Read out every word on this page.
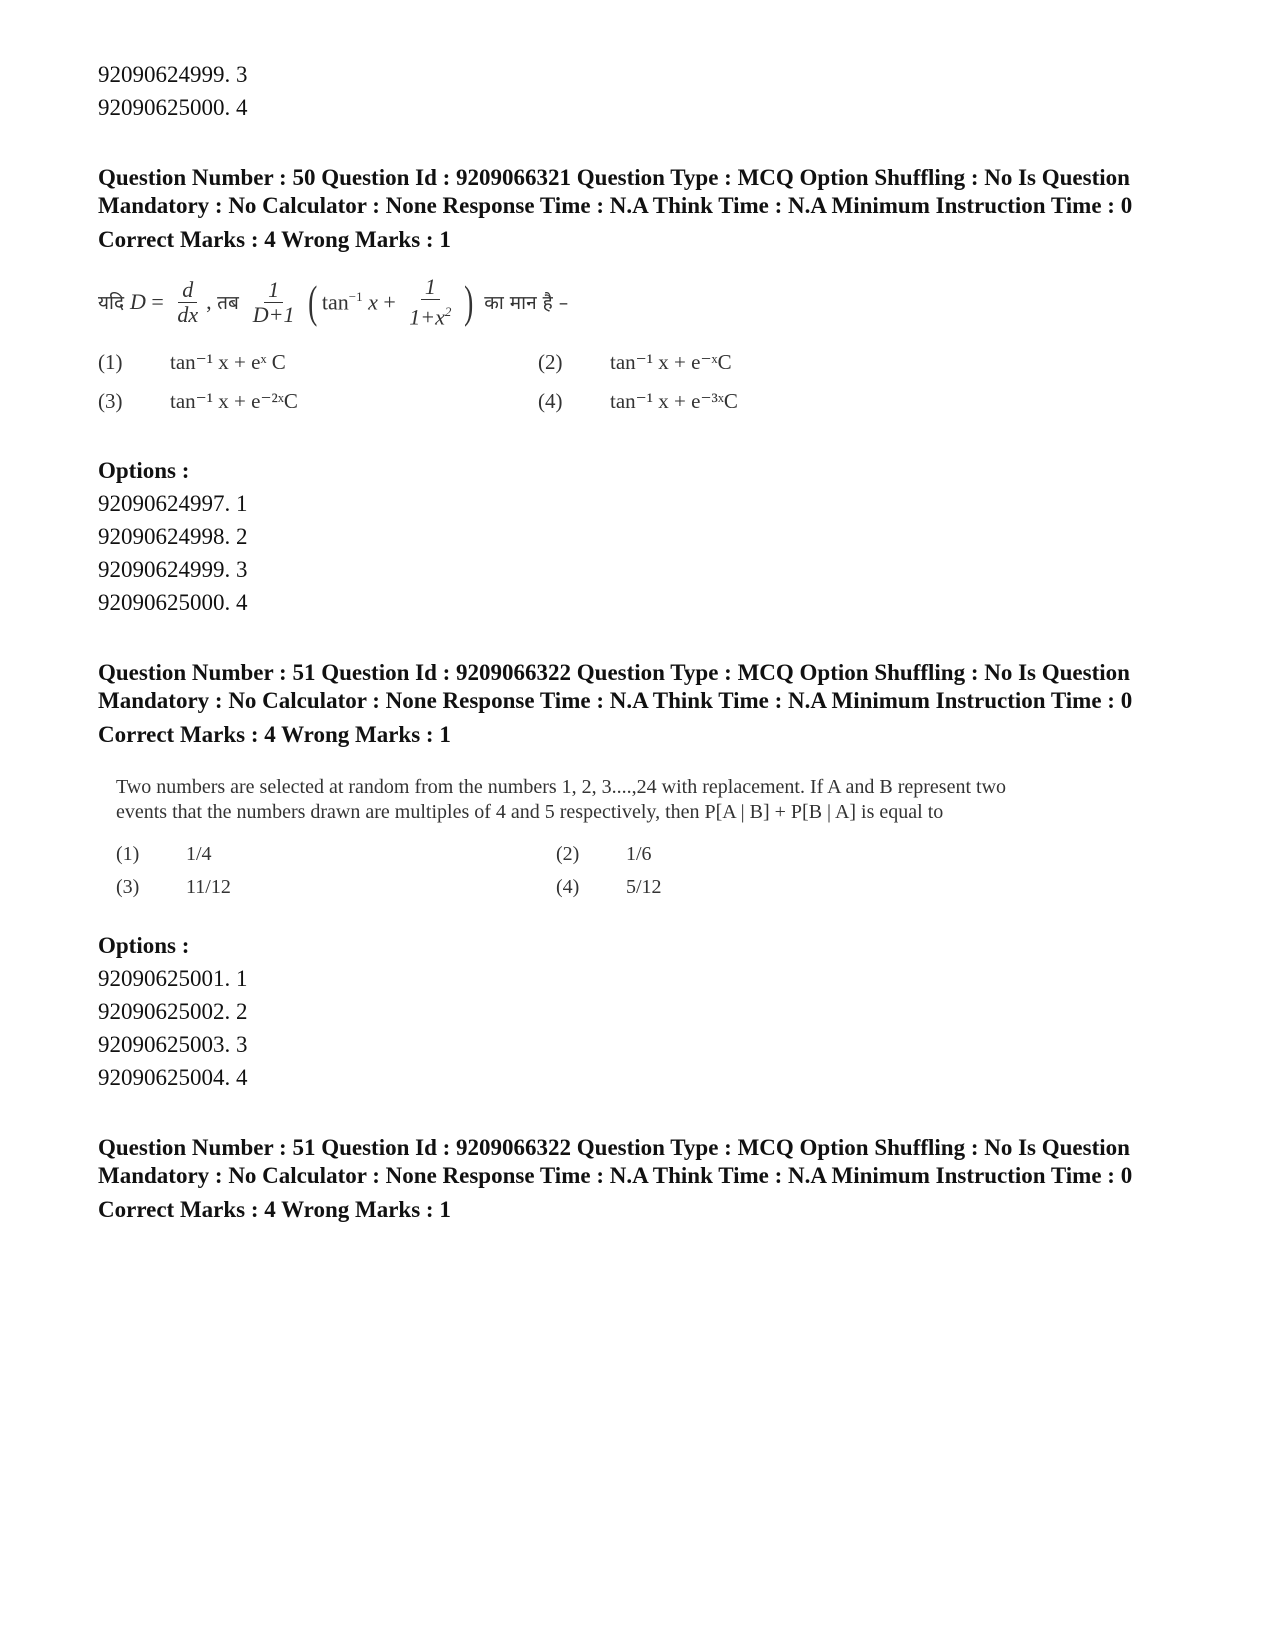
92090624999. 3

92090625000. 4

Question Number : 50 Question Id : 9209066321 Question Type : MCQ Option Shuffling : No Is Question Mandatory : No Calculator : None Response Time : N.A Think Time : N.A Minimum Instruction Time : 0

Correct Marks : 4 Wrong Marks : 1

यदि $D = \frac{d}{dx}$ , तब $\frac{1}{D+1}$ ( $\tan^{-1} x + \frac{1}{1+x^2}$ )
का मान है –
(1)	tan⁻¹ x + eˣ C	(2)	tan⁻¹ x + e⁻ˣC
(3)	tan⁻¹ x + e⁻²ˣC	(4)	tan⁻¹ x + e⁻³ˣC

Options :

92090624997. 1

92090624998. 2

92090624999. 3

92090625000. 4

Question Number : 51 Question Id : 9209066322 Question Type : MCQ Option Shuffling : No Is Question Mandatory : No Calculator : None Response Time : N.A Think Time : N.A Minimum Instruction Time : 0

Correct Marks : 4 Wrong Marks : 1

Two numbers are selected at random from the numbers 1, 2, 3....,24 with replacement. If A and B represent two events that the numbers drawn are multiples of 4 and 5 respectively, then P[A | B] + P[B | A] is equal to
(1)	1/4	(2)	1/6
(3)	11/12	(4)	5/12

Options :

92090625001. 1

92090625002. 2

92090625003. 3

92090625004. 4

Question Number : 51 Question Id : 9209066322 Question Type : MCQ Option Shuffling : No Is Question Mandatory : No Calculator : None Response Time : N.A Think Time : N.A Minimum Instruction Time : 0

Correct Marks : 4 Wrong Marks : 1
